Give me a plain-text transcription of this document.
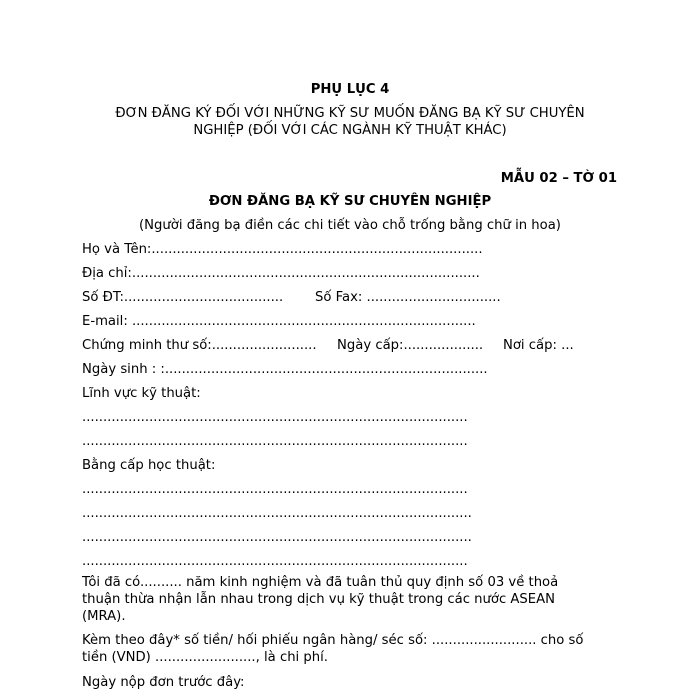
PHỤ LỤC 4
ĐƠN ĐĂNG KÝ ĐỐI VỚI NHỮNG KỸ SƯ MUỐN ĐĂNG BẠ KỸ SƯ CHUYÊN
NGHIỆP (ĐỐI VỚI CÁC NGÀNH KỸ THUẬT KHÁC)
MẪU 02 – TỜ 01
ĐƠN ĐĂNG BẠ KỸ SƯ CHUYÊN NGHIỆP
(Người đăng bạ điền các chi tiết vào chỗ trống bằng chữ in hoa)
Họ và Tên:...............................................................................
Địa chỉ:...................................................................................
Số ĐT:...................................... Số Fax: ................................
E-mail: ..................................................................................
Chứng minh thư số:......................... Ngày cấp:................... Nơi cấp: ...
Ngày sinh : :.............................................................................
Lĩnh vực kỹ thuật:
............................................................................................
............................................................................................
Bằng cấp học thuật:
............................................................................................
.............................................................................................
.............................................................................................
............................................................................................
Tôi đã có.......... năm kinh nghiệm và đã tuân thủ quy định số 03 về thoả
thuận thừa nhận lẫn nhau trong dịch vụ kỹ thuật trong các nước ASEAN
(MRA).
Kèm theo đây* số tiền/ hối phiếu ngân hàng/ séc số: ......................... cho số
tiền (VND) ........................, là chi phí.
Ngày nộp đơn trước đây:
